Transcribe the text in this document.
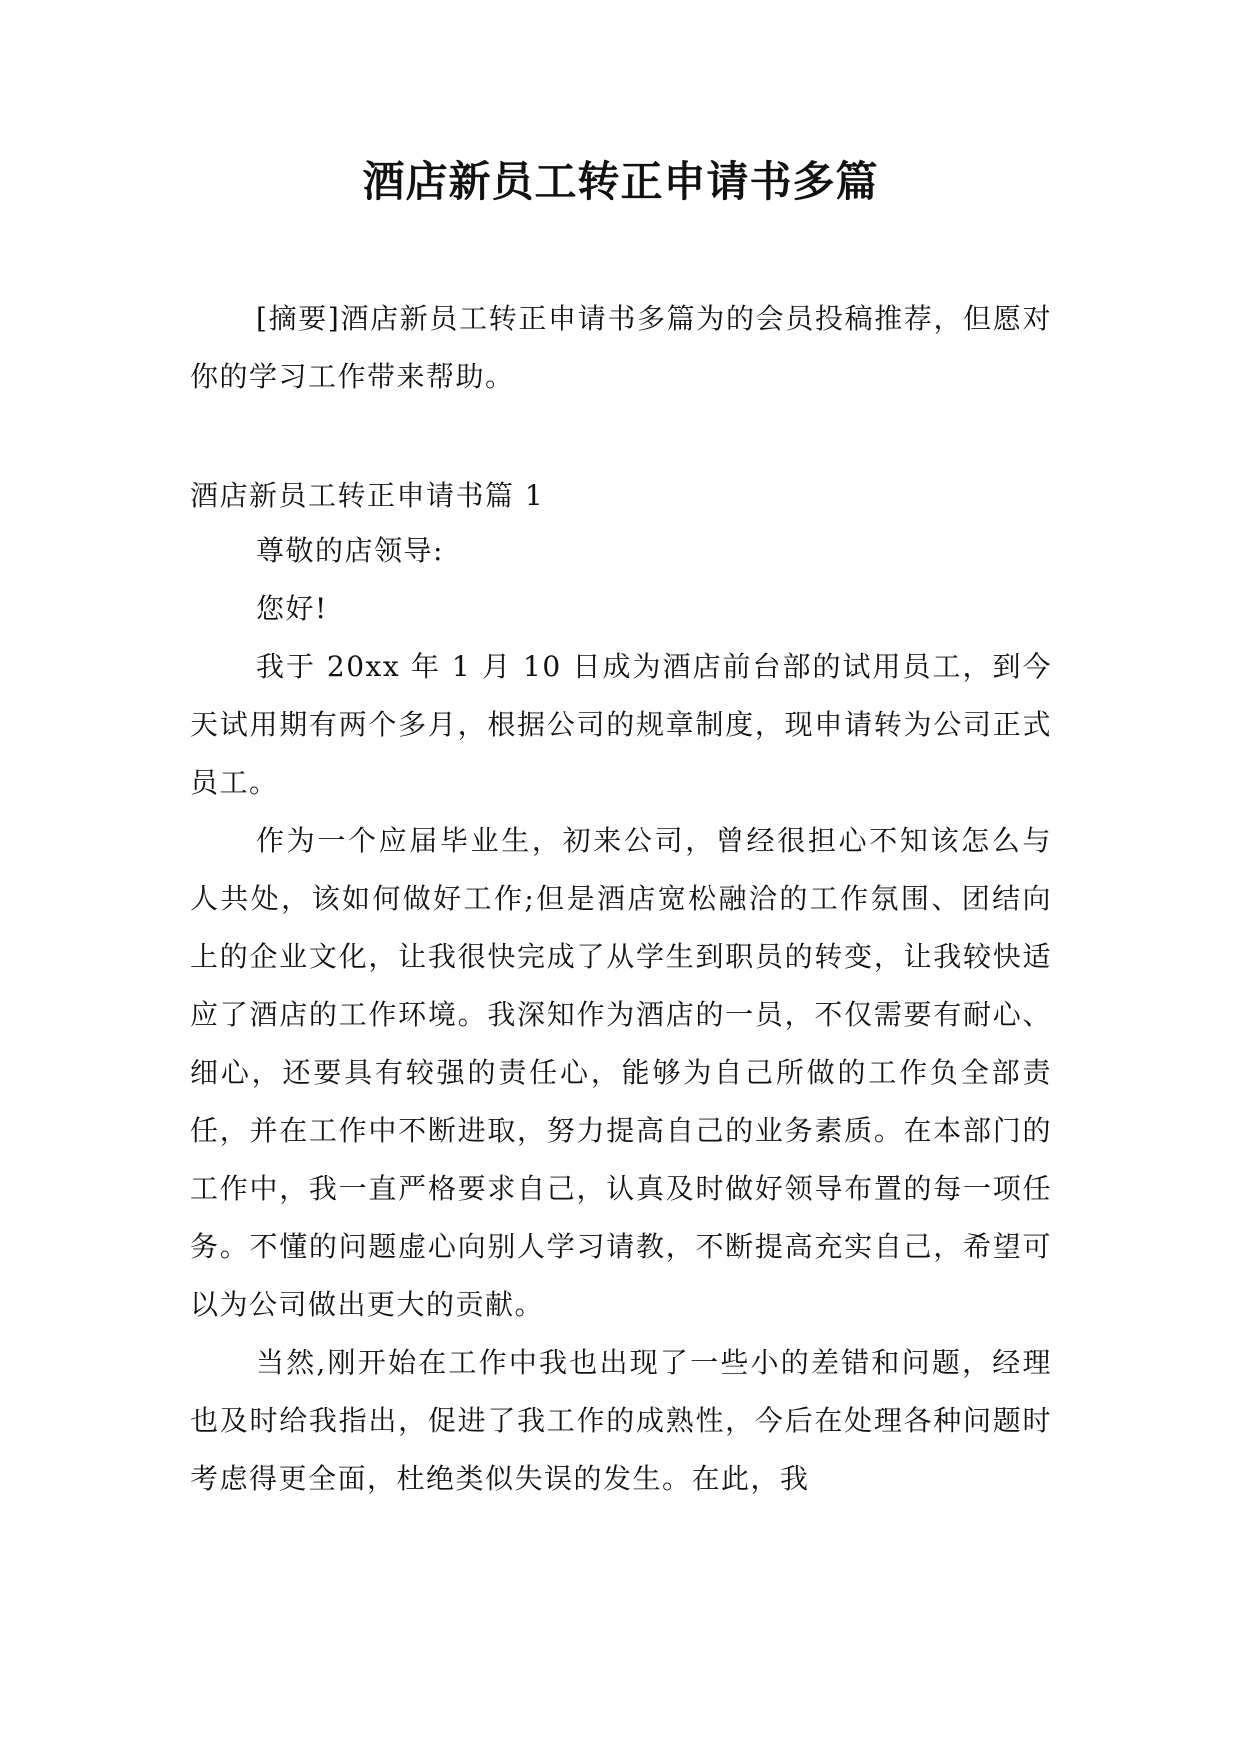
酒店新员工转正申请书多篇

[摘要]酒店新员工转正申请书多篇为的会员投稿推荐，但愿对你的学习工作带来帮助。

酒店新员工转正申请书篇 1

尊敬的店领导:

您好!

我于 20xx 年 1 月 10 日成为酒店前台部的试用员工，到今天试用期有两个多月，根据公司的规章制度，现申请转为公司正式员工。

作为一个应届毕业生，初来公司，曾经很担心不知该怎么与人共处，该如何做好工作;但是酒店宽松融洽的工作氛围、团结向上的企业文化，让我很快完成了从学生到职员的转变，让我较快适应了酒店的工作环境。我深知作为酒店的一员，不仅需要有耐心、细心，还要具有较强的责任心，能够为自己所做的工作负全部责任，并在工作中不断进取，努力提高自己的业务素质。在本部门的工作中，我一直严格要求自己，认真及时做好领导布置的每一项任务。不懂的问题虚心向别人学习请教，不断提高充实自己，希望可以为公司做出更大的贡献。

当然,刚开始在工作中我也出现了一些小的差错和问题，经理也及时给我指出，促进了我工作的成熟性，今后在处理各种问题时考虑得更全面，杜绝类似失误的发生。在此，我
